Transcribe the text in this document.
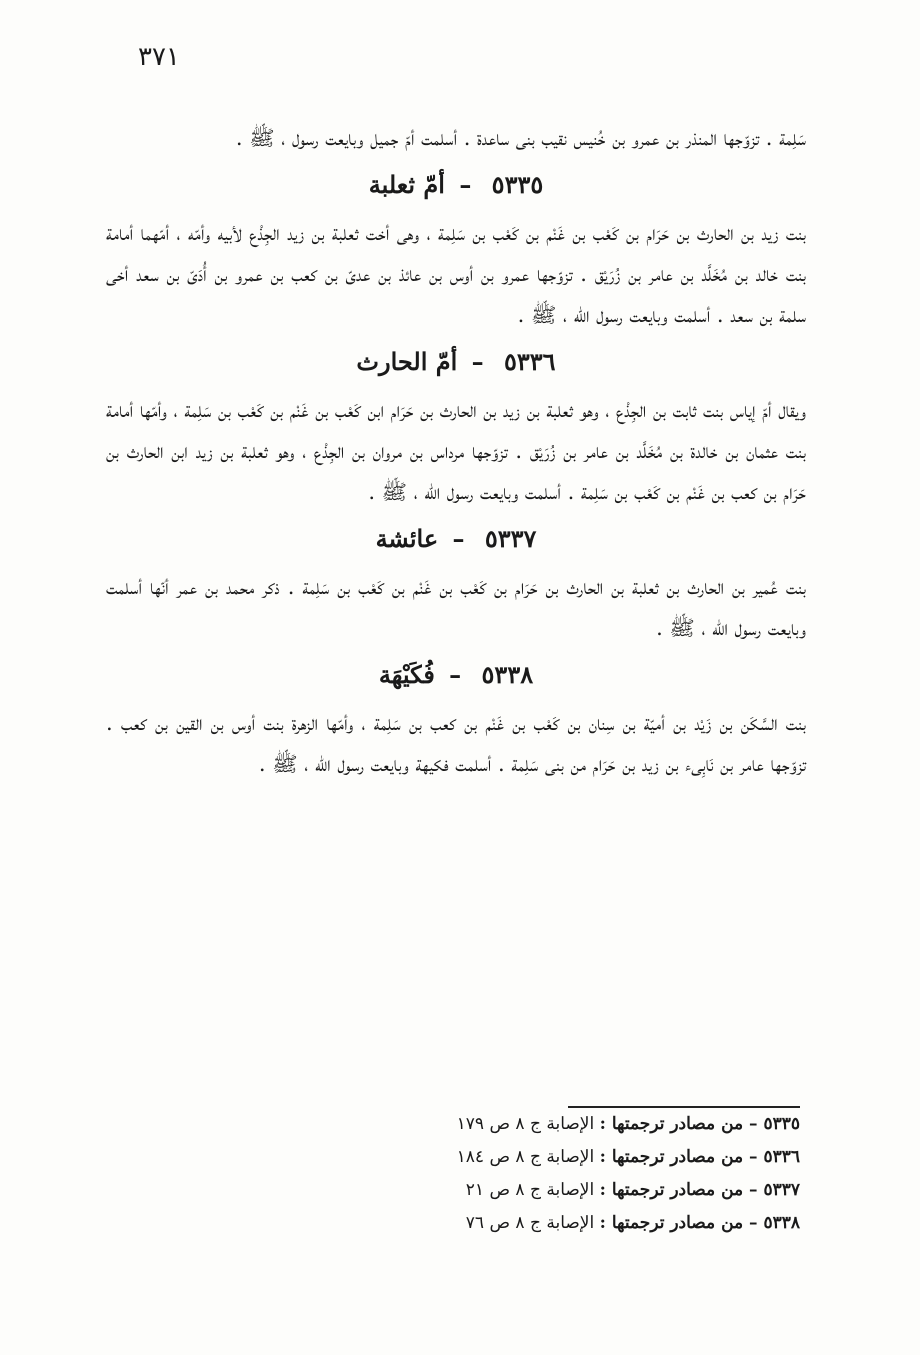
٣٧١

سَلِمة . تزوّجها المنذر بن عمرو بن خُنيس نقيب بنى ساعدة . أسلمت أمّ جميل وبايعت رسول ، ﷺ .

٥٣٣٥ – أمّ ثعلبة

بنت زيد بن الحارث بن حَرَام بن كَعْب بن غَنْم بن كَعْب بن سَلِمة ، وهى أخت ثعلبة بن زيد الجِذْع لأبيه وأمّه ، أمّهما أمامة بنت خالد بن مُخَلَّد بن عامر بن زُرَيْق . تزوّجها عمرو بن أوس بن عائذ بن عدىّ بن كعب بن عمرو بن أُدَىّ بن سعد أخى سلمة بن سعد . أسلمت وبايعت رسول الله ، ﷺ .

٥٣٣٦ – أمّ الحارث

ويقال أمّ إياس بنت ثابت بن الجِذْع ، وهو ثعلبة بن زيد بن الحارث بن حَرَام ابن كَعْب بن غَنْم بن كَعْب بن سَلِمة ، وأمّها أمامة بنت عثمان بن خالدة بن مُخَلَّد بن عامر بن زُرَيْق . تزوّجها مرداس بن مروان بن الجِذْع ، وهو ثعلبة بن زيد ابن الحارث بن حَرَام بن كعب بن غَنْم بن كَعْب بن سَلِمة . أسلمت وبايعت رسول الله ، ﷺ .

٥٣٣٧ – عائشة

بنت عُمير بن الحارث بن ثعلبة بن الحارث بن حَرَام بن كَعْب بن غَنْم بن كَعْب بن سَلِمة . ذكر محمد بن عمر أنّها أسلمت وبايعت رسول الله ، ﷺ .

٥٣٣٨ – فُكَيْهَة

بنت السَّكَن بن زَيْد بن أميّة بن سِنان بن كَعْب بن غَنْم بن كعب بن سَلِمة ، وأمّها الزهرة بنت أوس بن القين بن كعب . تزوّجها عامر بن نَابِىء بن زيد بن حَرَام من بنى سَلِمة . أسلمت فكيهة وبايعت رسول الله ، ﷺ .

٥٣٣٥ – من مصادر ترجمتها : الإصابة ج ٨ ص ١٧٩
٥٣٣٦ – من مصادر ترجمتها : الإصابة ج ٨ ص ١٨٤
٥٣٣٧ – من مصادر ترجمتها : الإصابة ج ٨ ص ٢١
٥٣٣٨ – من مصادر ترجمتها : الإصابة ج ٨ ص ٧٦
